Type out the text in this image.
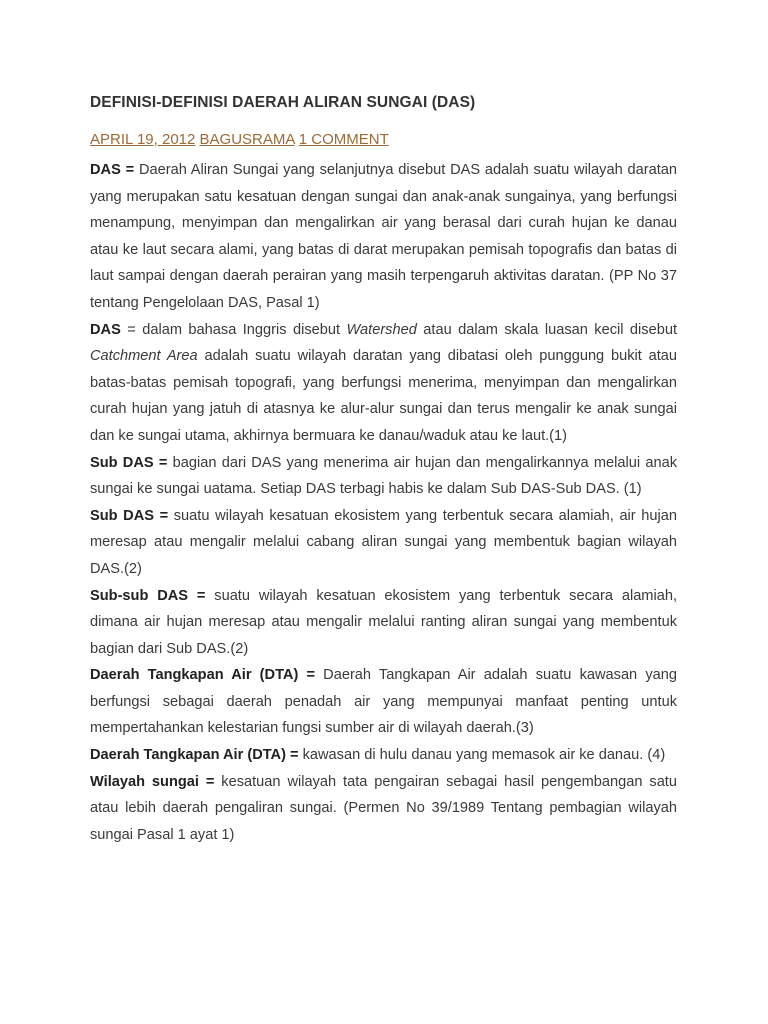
DEFINISI-DEFINISI DAERAH ALIRAN SUNGAI (DAS)
APRIL 19, 2012 BAGUSRAMA 1 COMMENT

DAS = Daerah Aliran Sungai yang selanjutnya disebut DAS adalah suatu wilayah daratan yang merupakan satu kesatuan dengan sungai dan anak-anak sungainya, yang berfungsi menampung, menyimpan dan mengalirkan air yang berasal dari curah hujan ke danau atau ke laut secara alami, yang batas di darat merupakan pemisah topografis dan batas di laut sampai dengan daerah perairan yang masih terpengaruh aktivitas daratan. (PP No 37 tentang Pengelolaan DAS, Pasal 1)

DAS = dalam bahasa Inggris disebut Watershed atau dalam skala luasan kecil disebut Catchment Area adalah suatu wilayah daratan yang dibatasi oleh punggung bukit atau batas-batas pemisah topografi, yang berfungsi menerima, menyimpan dan mengalirkan curah hujan yang jatuh di atasnya ke alur-alur sungai dan terus mengalir ke anak sungai dan ke sungai utama, akhirnya bermuara ke danau/waduk atau ke laut.(1)

Sub DAS = bagian dari DAS yang menerima air hujan dan mengalirkannya melalui anak sungai ke sungai uatama. Setiap DAS terbagi habis ke dalam Sub DAS-Sub DAS. (1)

Sub DAS = suatu wilayah kesatuan ekosistem yang terbentuk secara alamiah, air hujan meresap atau mengalir melalui cabang aliran sungai yang membentuk bagian wilayah DAS.(2)

Sub-sub DAS = suatu wilayah kesatuan ekosistem yang terbentuk secara alamiah, dimana air hujan meresap atau mengalir melalui ranting aliran sungai yang membentuk bagian dari Sub DAS.(2)

Daerah Tangkapan Air (DTA) = Daerah Tangkapan Air adalah suatu kawasan yang berfungsi sebagai daerah penadah air yang mempunyai manfaat penting untuk mempertahankan kelestarian fungsi sumber air di wilayah daerah.(3)

Daerah Tangkapan Air (DTA) = kawasan di hulu danau yang memasok air ke danau. (4)

Wilayah sungai = kesatuan wilayah tata pengairan sebagai hasil pengembangan satu atau lebih daerah pengaliran sungai. (Permen No 39/1989 Tentang pembagian wilayah sungai Pasal 1 ayat 1)
